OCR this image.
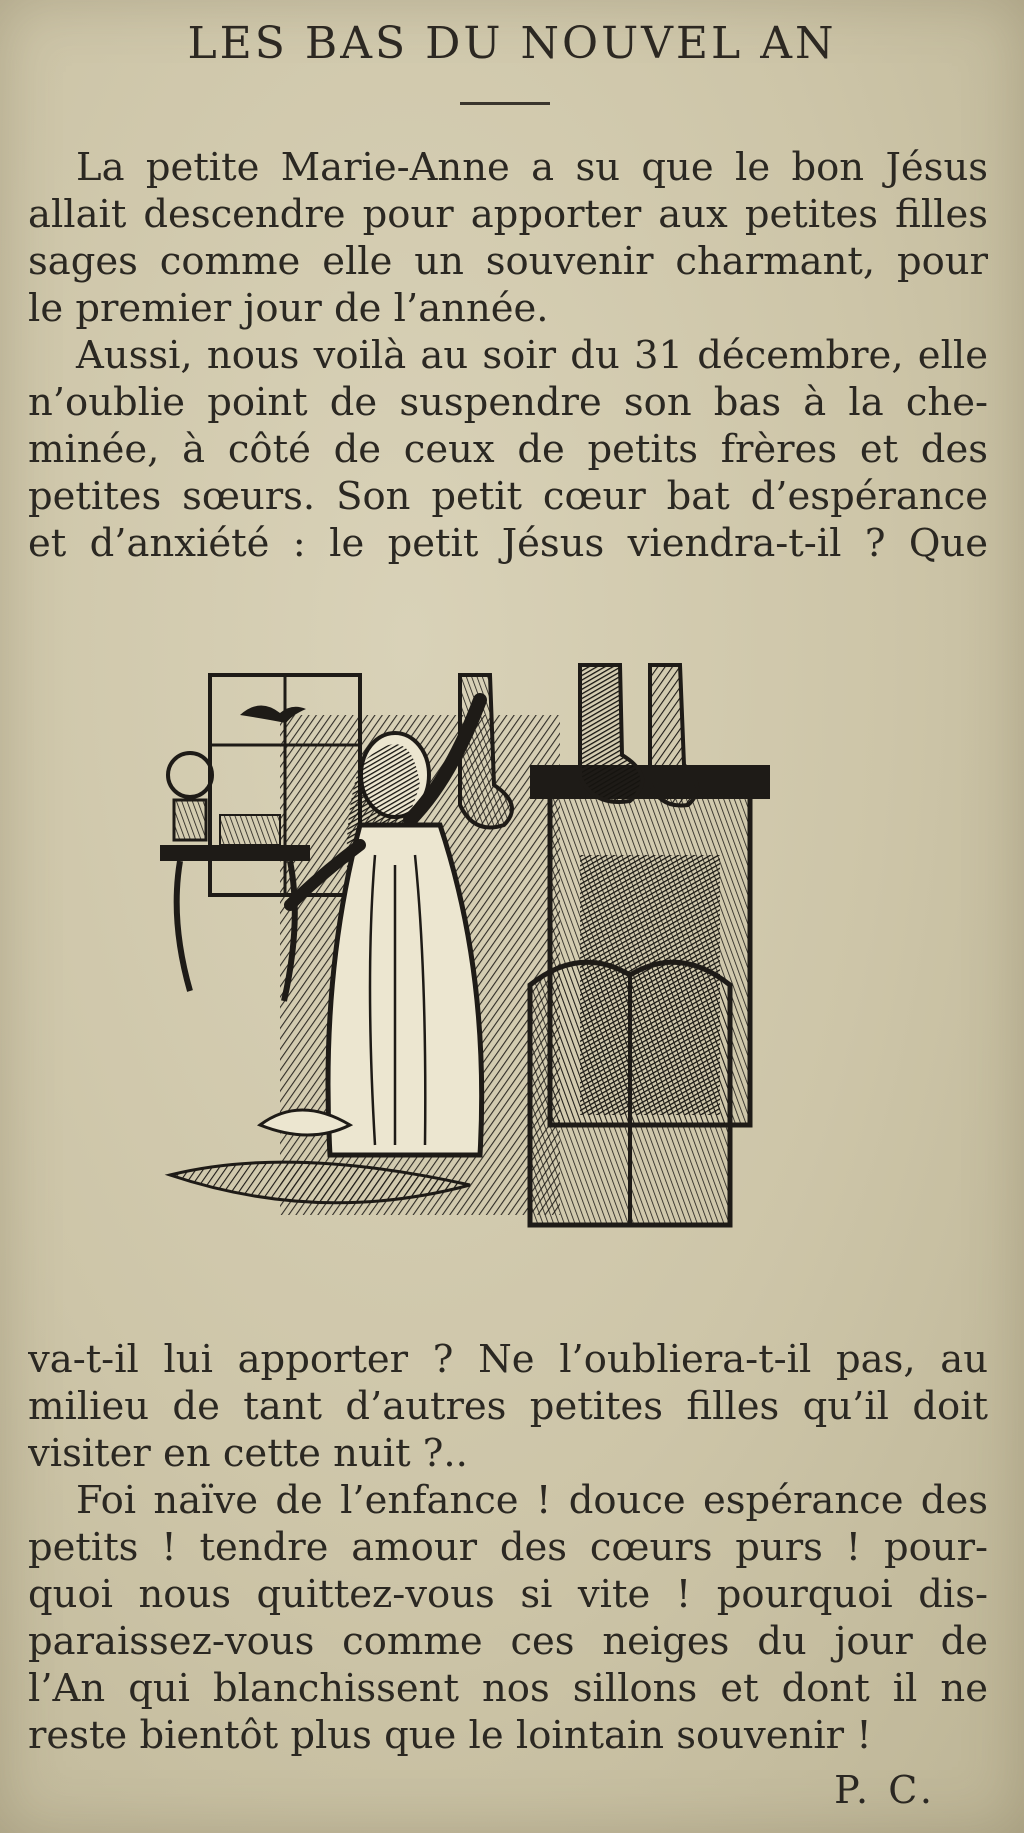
LES BAS DU NOUVEL AN
La petite Marie-Anne a su que le bon Jésus
allait descendre pour apporter aux petites filles
sages comme elle un souvenir charmant, pour
le premier jour de l’année.
Aussi, nous voilà au soir du 31 décembre, elle
n’oublie point de suspendre son bas à la che-
minée, à côté de ceux de petits frères et des
petites sœurs. Son petit cœur bat d’espérance
et d’anxiété : le petit Jésus viendra-t-il ? Que
va-t-il lui apporter ? Ne l’oubliera-t-il pas, au
milieu de tant d’autres petites filles qu’il doit
visiter en cette nuit ?..
Foi naïve de l’enfance ! douce espérance des
petits ! tendre amour des cœurs purs ! pour-
quoi nous quittez-vous si vite ! pourquoi dis-
paraissez-vous comme ces neiges du jour de
l’An qui blanchissent nos sillons et dont il ne
reste bientôt plus que le lointain souvenir !
P. C.
